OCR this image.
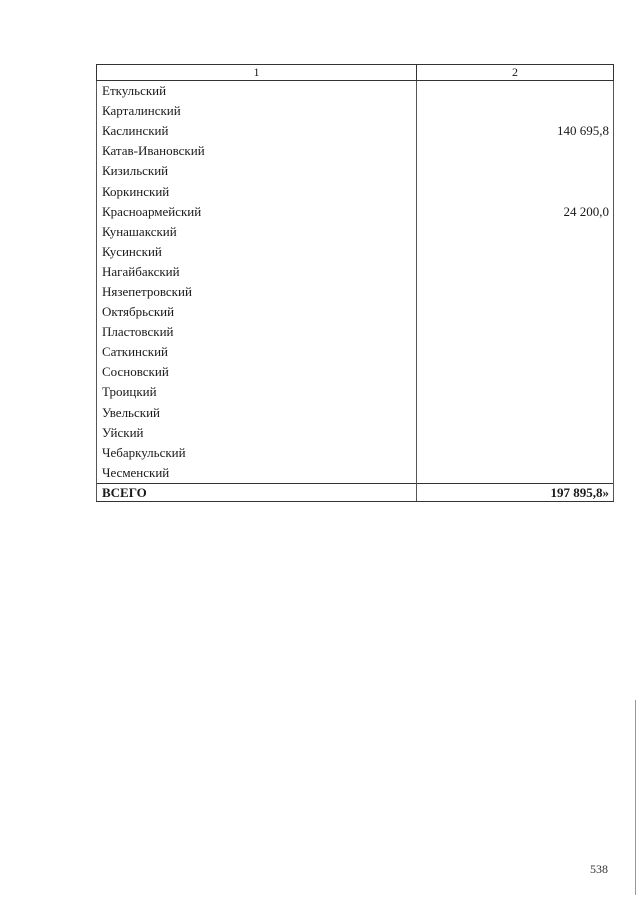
1	2
Еткульский	
Карталинский	
Каслинский	140 695,8
Катав-Ивановский	
Кизильский	
Коркинский	
Красноармейский	24 200,0
Кунашакский	
Кусинский	
Нагайбакский	
Нязепетровский	
Октябрьский	
Пластовский	
Саткинский	
Сосновский	
Троицкий	
Увельский	
Уйский	
Чебаркульский	
Чесменский	
ВСЕГО	197 895,8»
538
